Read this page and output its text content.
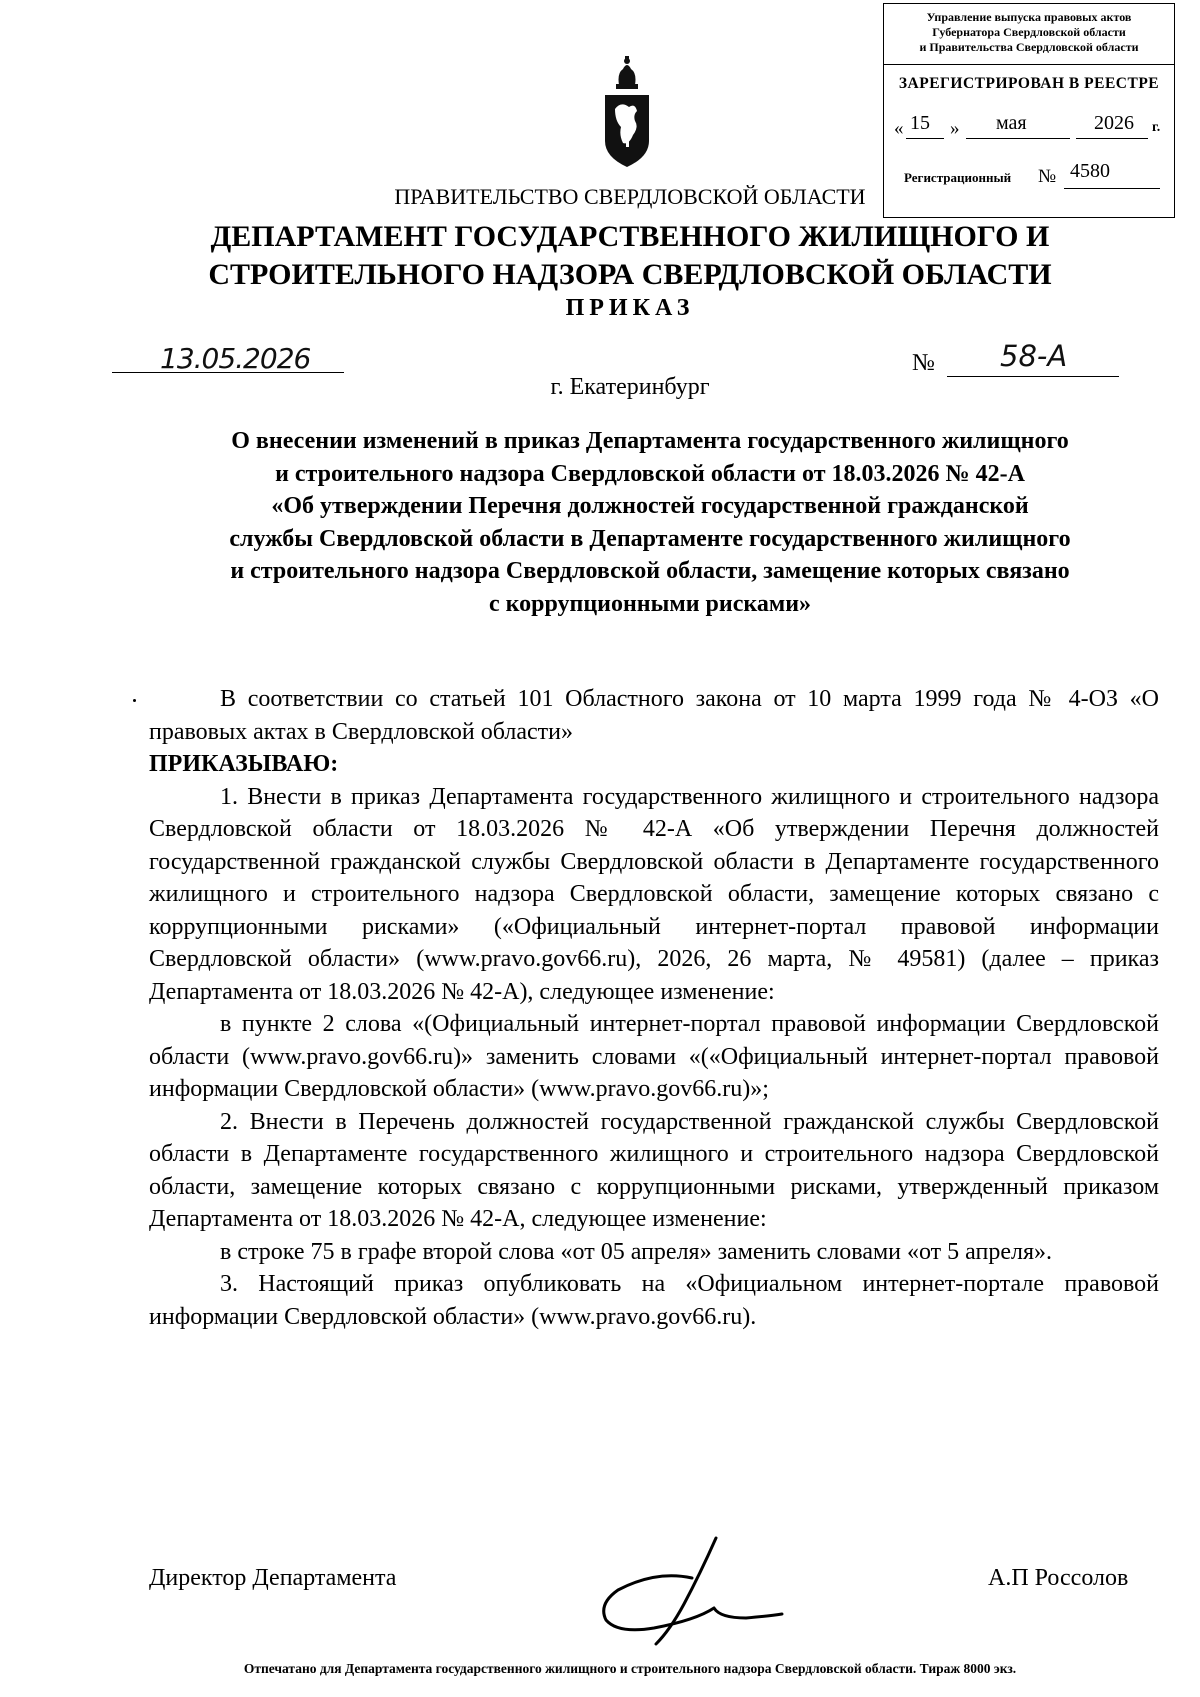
Управление выпуска правовых актов
Губернатора Свердловской области
и Правительства Свердловской области
ЗАРЕГИСТРИРОВАН В РЕЕСТРЕ
« 15 » мая	2026 г.
Регистрационный № 4580
ПРАВИТЕЛЬСТВО СВЕРДЛОВСКОЙ ОБЛАСТИ
ДЕПАРТАМЕНТ ГОСУДАРСТВЕННОГО ЖИЛИЩНОГО И
СТРОИТЕЛЬНОГО НАДЗОРА СВЕРДЛОВСКОЙ ОБЛАСТИ
ПРИКАЗ
13.05.2026	№ 58-А
г. Екатеринбург
О внесении изменений в приказ Департамента государственного жилищного
и строительного надзора Свердловской области от 18.03.2026 № 42-А
«Об утверждении Перечня должностей государственной гражданской
службы Свердловской области в Департаменте государственного жилищного
и строительного надзора Свердловской области, замещение которых связано
с коррупционными рисками»

В соответствии со статьей 101 Областного закона от 10 марта 1999 года № 4-ОЗ «О правовых актах в Свердловской области»

ПРИКАЗЫВАЮ:

1. Внести в приказ Департамента государственного жилищного и строительного надзора Свердловской области от 18.03.2026 № 42-А «Об утверждении Перечня должностей государственной гражданской службы Свердловской области в Департаменте государственного жилищного и строительного надзора Свердловской области, замещение которых связано с коррупционными рисками» («Официальный интернет-портал правовой информации Свердловской области» (www.pravo.gov66.ru), 2026, 26 марта, № 49581) (далее – приказ Департамента от 18.03.2026 № 42-А), следующее изменение:

в пункте 2 слова «(Официальный интернет-портал правовой информации Свердловской области (www.pravo.gov66.ru)» заменить словами «(«Официальный интернет-портал правовой информации Свердловской области» (www.pravo.gov66.ru)»;

2. Внести в Перечень должностей государственной гражданской службы Свердловской области в Департаменте государственного жилищного и строительного надзора Свердловской области, замещение которых связано с коррупционными рисками, утвержденный приказом Департамента от 18.03.2026 № 42-А, следующее изменение:

в строке 75 в графе второй слова «от 05 апреля» заменить словами «от 5 апреля».

3. Настоящий приказ опубликовать на «Официальном интернет-портале правовой информации Свердловской области» (www.pravo.gov66.ru).

Директор Департамента	А.П Россолов
Отпечатано для Департамента государственного жилищного и строительного надзора Свердловской области. Тираж 8000 экз.
